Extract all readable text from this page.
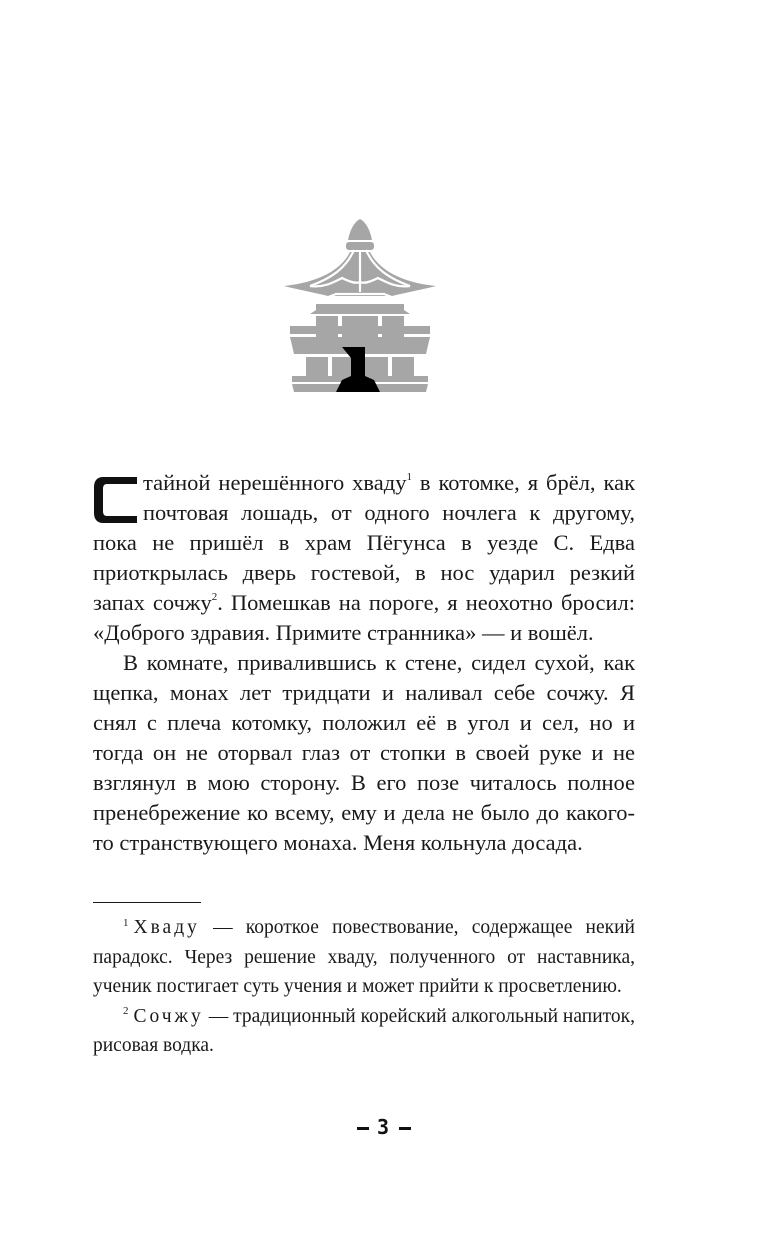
тайной нерешённого хваду$^1$ в котомке, я брёл, как почтовая лошадь, от одного ночлега к другому, пока не пришёл в храм Пёгунса в уезде С. Едва приоткрылась дверь гостевой, в нос ударил резкий запах сочжу$^2$. Помешкав на пороге, я неохотно бросил: «Доброго здравия. Примите странника» — и вошёл.

В комнате, привалившись к стене, сидел сухой, как щепка, монах лет тридцати и наливал себе сочжу. Я снял с плеча котомку, положил её в угол и сел, но и тогда он не оторвал глаз от стопки в своей руке и не взглянул в мою сторону. В его позе читалось полное пренебрежение ко всему, ему и дела не было до какого-то странствующего монаха. Меня кольнула досада.

$^1$ Хваду — короткое повествование, содержащее некий парадокс. Через решение хваду, полученного от наставника, ученик постигает суть учения и может прийти к просветлению.

$^2$ Сочжу — традиционный корейский алкогольный напиток, рисовая водка.

3
